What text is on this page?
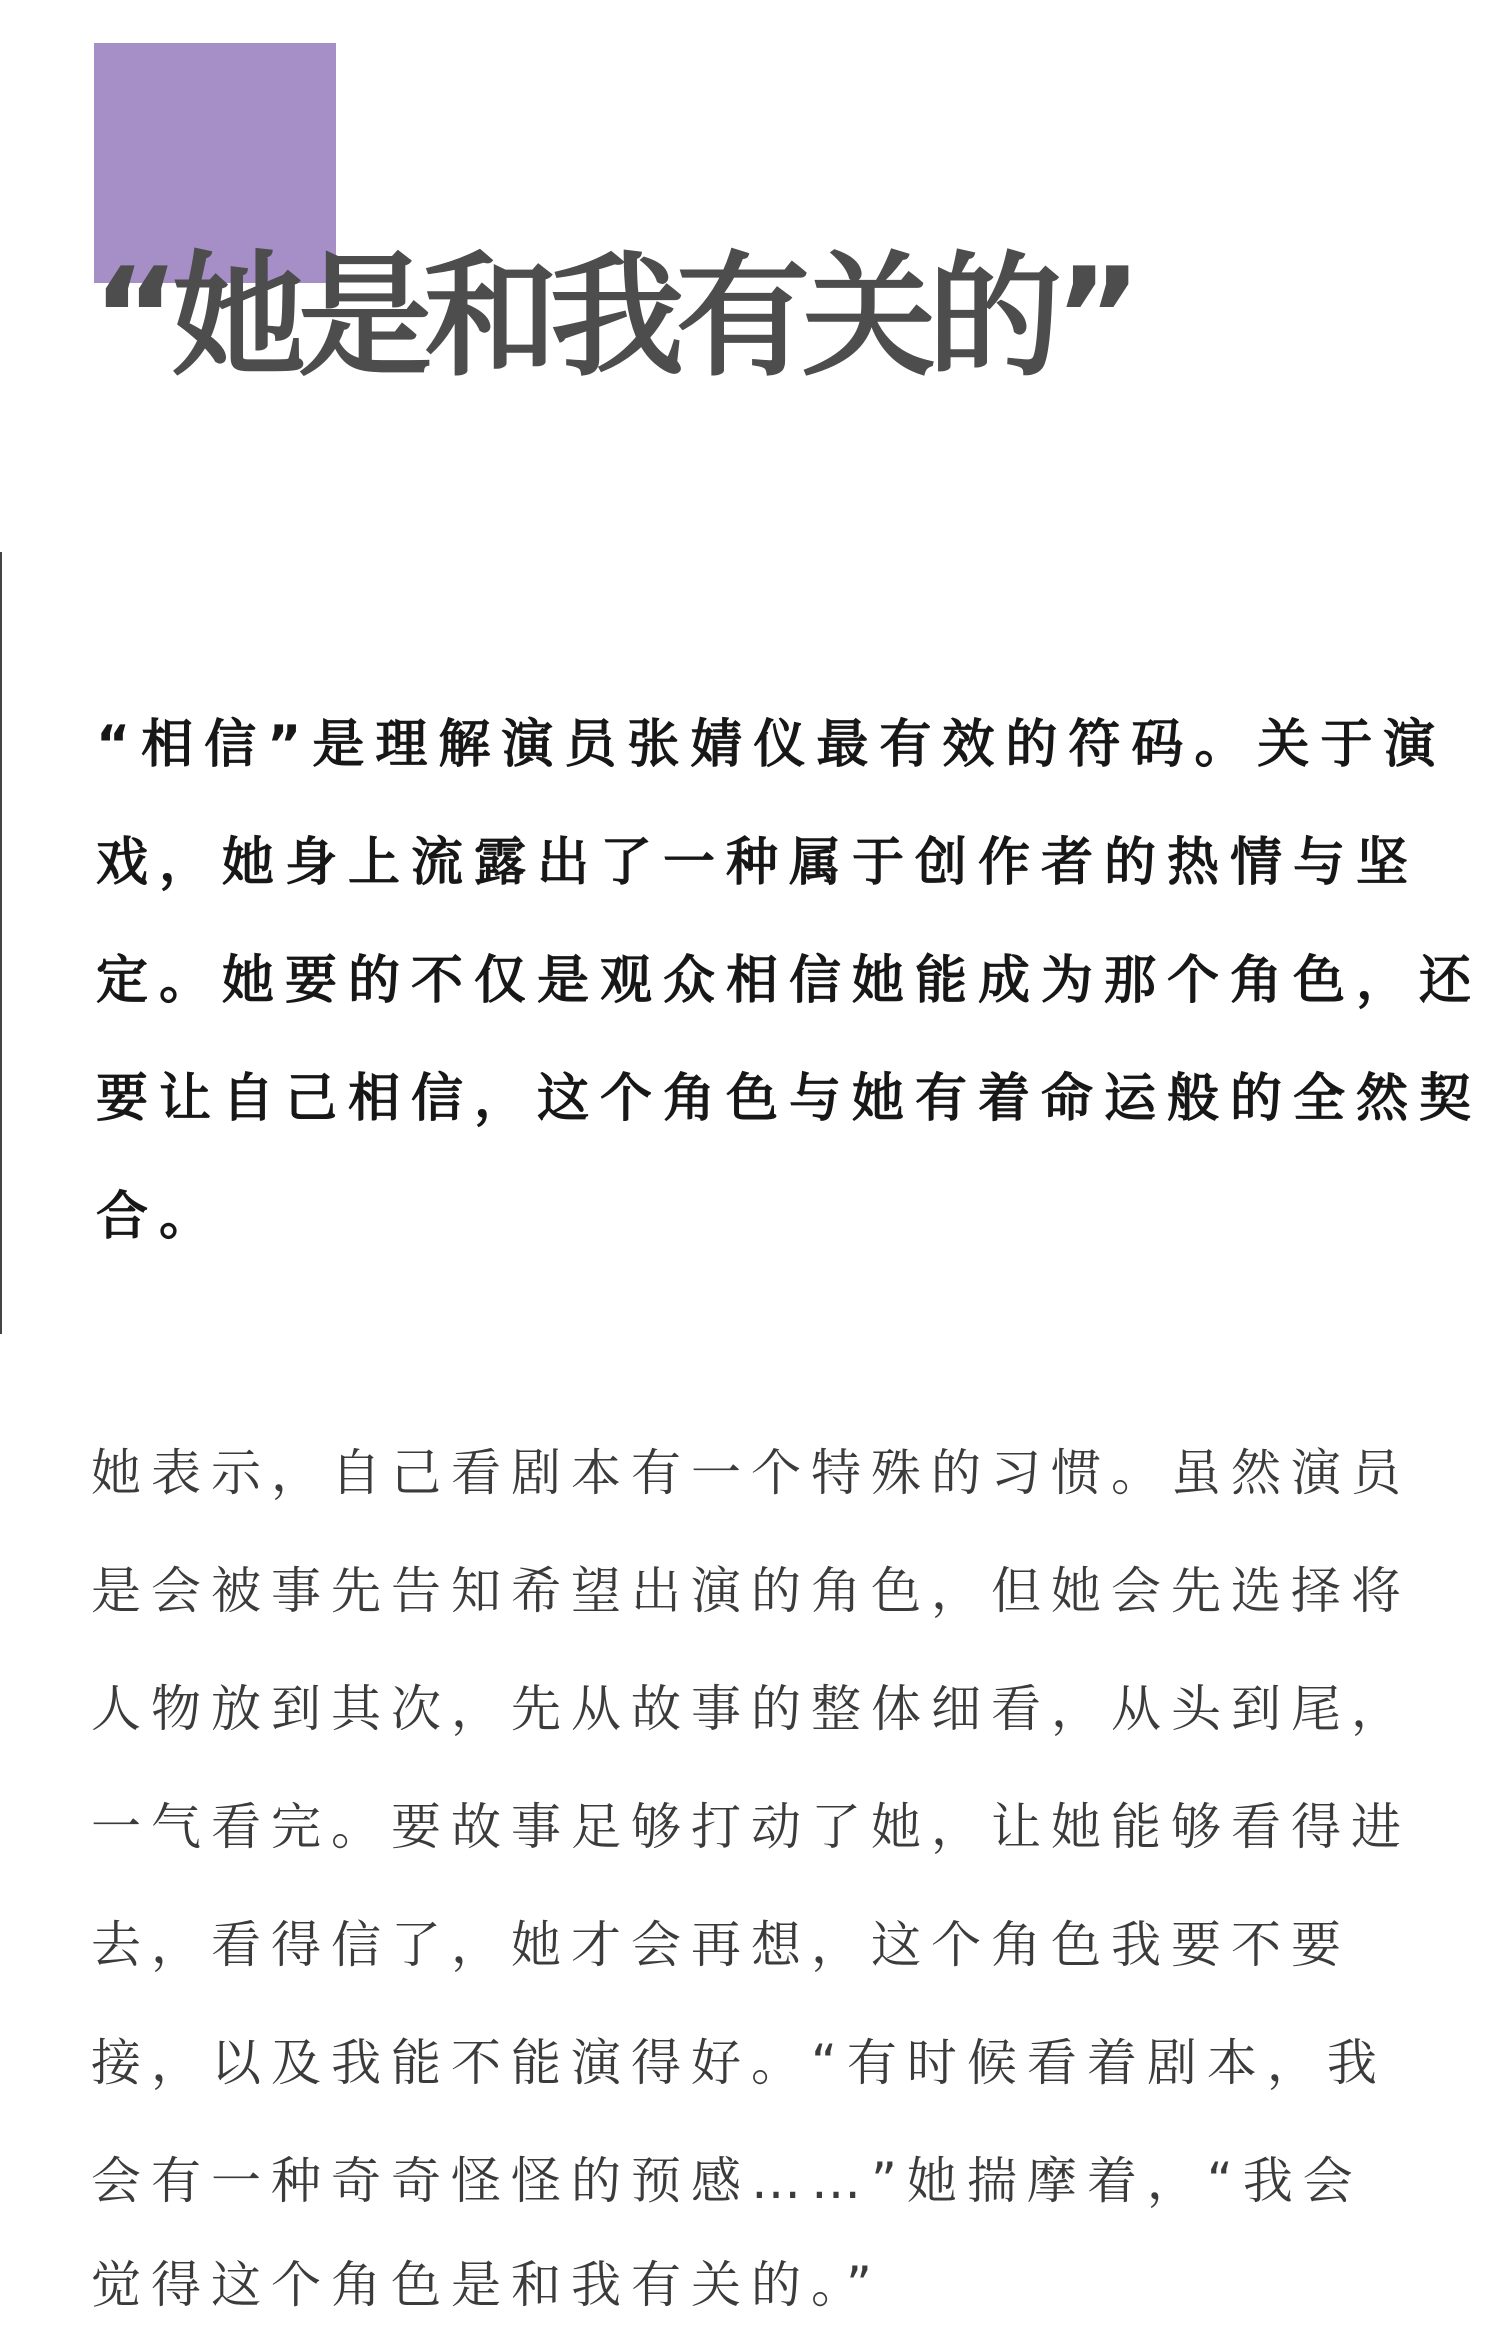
“她是和我有关的”

“相信”是理解演员张婧仪最有效的符码。关于演

戏，她身上流露出了一种属于创作者的热情与坚

定。她要的不仅是观众相信她能成为那个角色，还

要让自己相信，这个角色与她有着命运般的全然契

合。

她表示，自己看剧本有一个特殊的习惯。虽然演员

是会被事先告知希望出演的角色，但她会先选择将

人物放到其次，先从故事的整体细看，从头到尾，

一气看完。要故事足够打动了她，让她能够看得进

去，看得信了，她才会再想，这个角色我要不要

接，以及我能不能演得好。“有时候看着剧本，我

会有一种奇奇怪怪的预感……”她揣摩着，“我会

觉得这个角色是和我有关的。”
